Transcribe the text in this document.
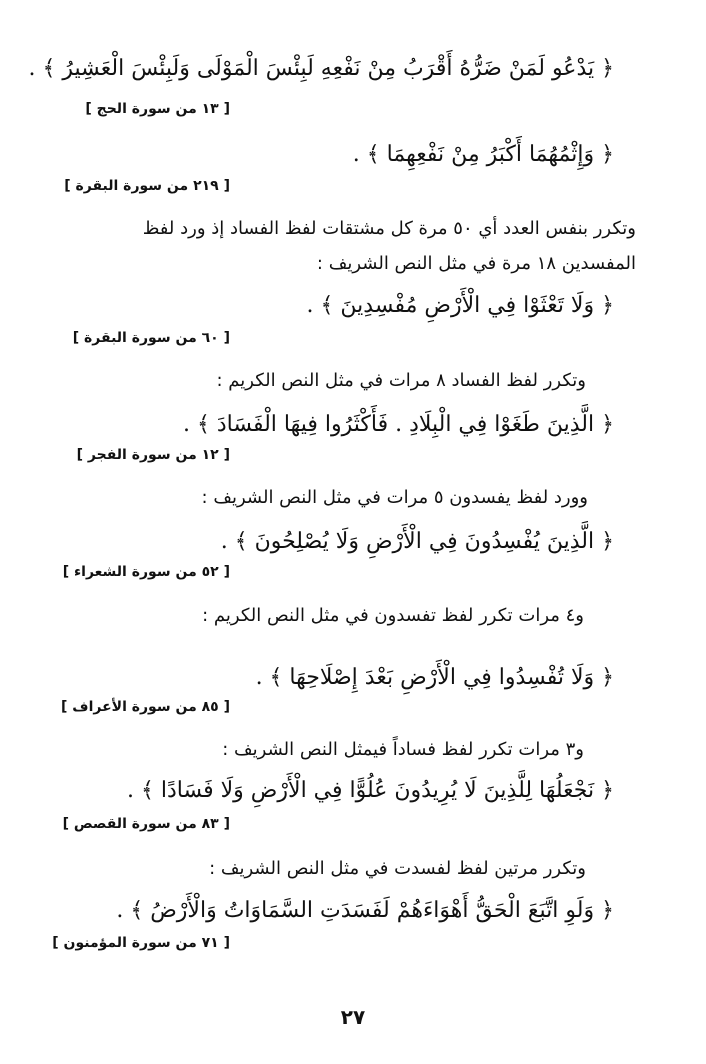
﴿ يَدْعُو لَمَنْ ضَرُّهُ أَقْرَبُ مِنْ نَفْعِهِ لَبِئْسَ الْمَوْلَى وَلَبِئْسَ الْعَشِيرُ ﴾ .

[ ١٣ من سورة الحج ]

﴿ وَإِثْمُهُمَا أَكْبَرُ مِنْ نَفْعِهِمَا ﴾ .

[ ٢١٩ من سورة البقرة ]

وتكرر بنفس العدد أي ٥٠ مرة كل مشتقات لفظ الفساد إذ ورد لفظ

المفسدين ١٨ مرة في مثل النص الشريف :

﴿ وَلَا تَعْثَوْا فِي الْأَرْضِ مُفْسِدِينَ ﴾ .

[ ٦٠ من سورة البقرة ]

وتكرر لفظ الفساد ٨ مرات في مثل النص الكريم :

﴿ الَّذِينَ طَغَوْا فِي الْبِلَادِ . فَأَكْثَرُوا فِيهَا الْفَسَادَ ﴾ .

[ ١٢ من سورة الفجر ]

وورد لفظ يفسدون ٥ مرات في مثل النص الشريف :

﴿ الَّذِينَ يُفْسِدُونَ فِي الْأَرْضِ وَلَا يُصْلِحُونَ ﴾ .

[ ٥٢ من سورة الشعراء ]

و٤ مرات تكرر لفظ تفسدون في مثل النص الكريم :

﴿ وَلَا تُفْسِدُوا فِي الْأَرْضِ بَعْدَ إِصْلَاحِهَا ﴾ .

[ ٨٥ من سورة الأعراف ]

و٣ مرات تكرر لفظ فساداً فيمثل النص الشريف :

﴿ نَجْعَلُهَا لِلَّذِينَ لَا يُرِيدُونَ عُلُوًّا فِي الْأَرْضِ وَلَا فَسَادًا ﴾ .

[ ٨٣ من سورة القصص ]

وتكرر مرتين لفظ لفسدت في مثل النص الشريف :

﴿ وَلَوِ اتَّبَعَ الْحَقُّ أَهْوَاءَهُمْ لَفَسَدَتِ السَّمَاوَاتُ وَالْأَرْضُ ﴾ .

[ ٧١ من سورة المؤمنون ]

٢٧
